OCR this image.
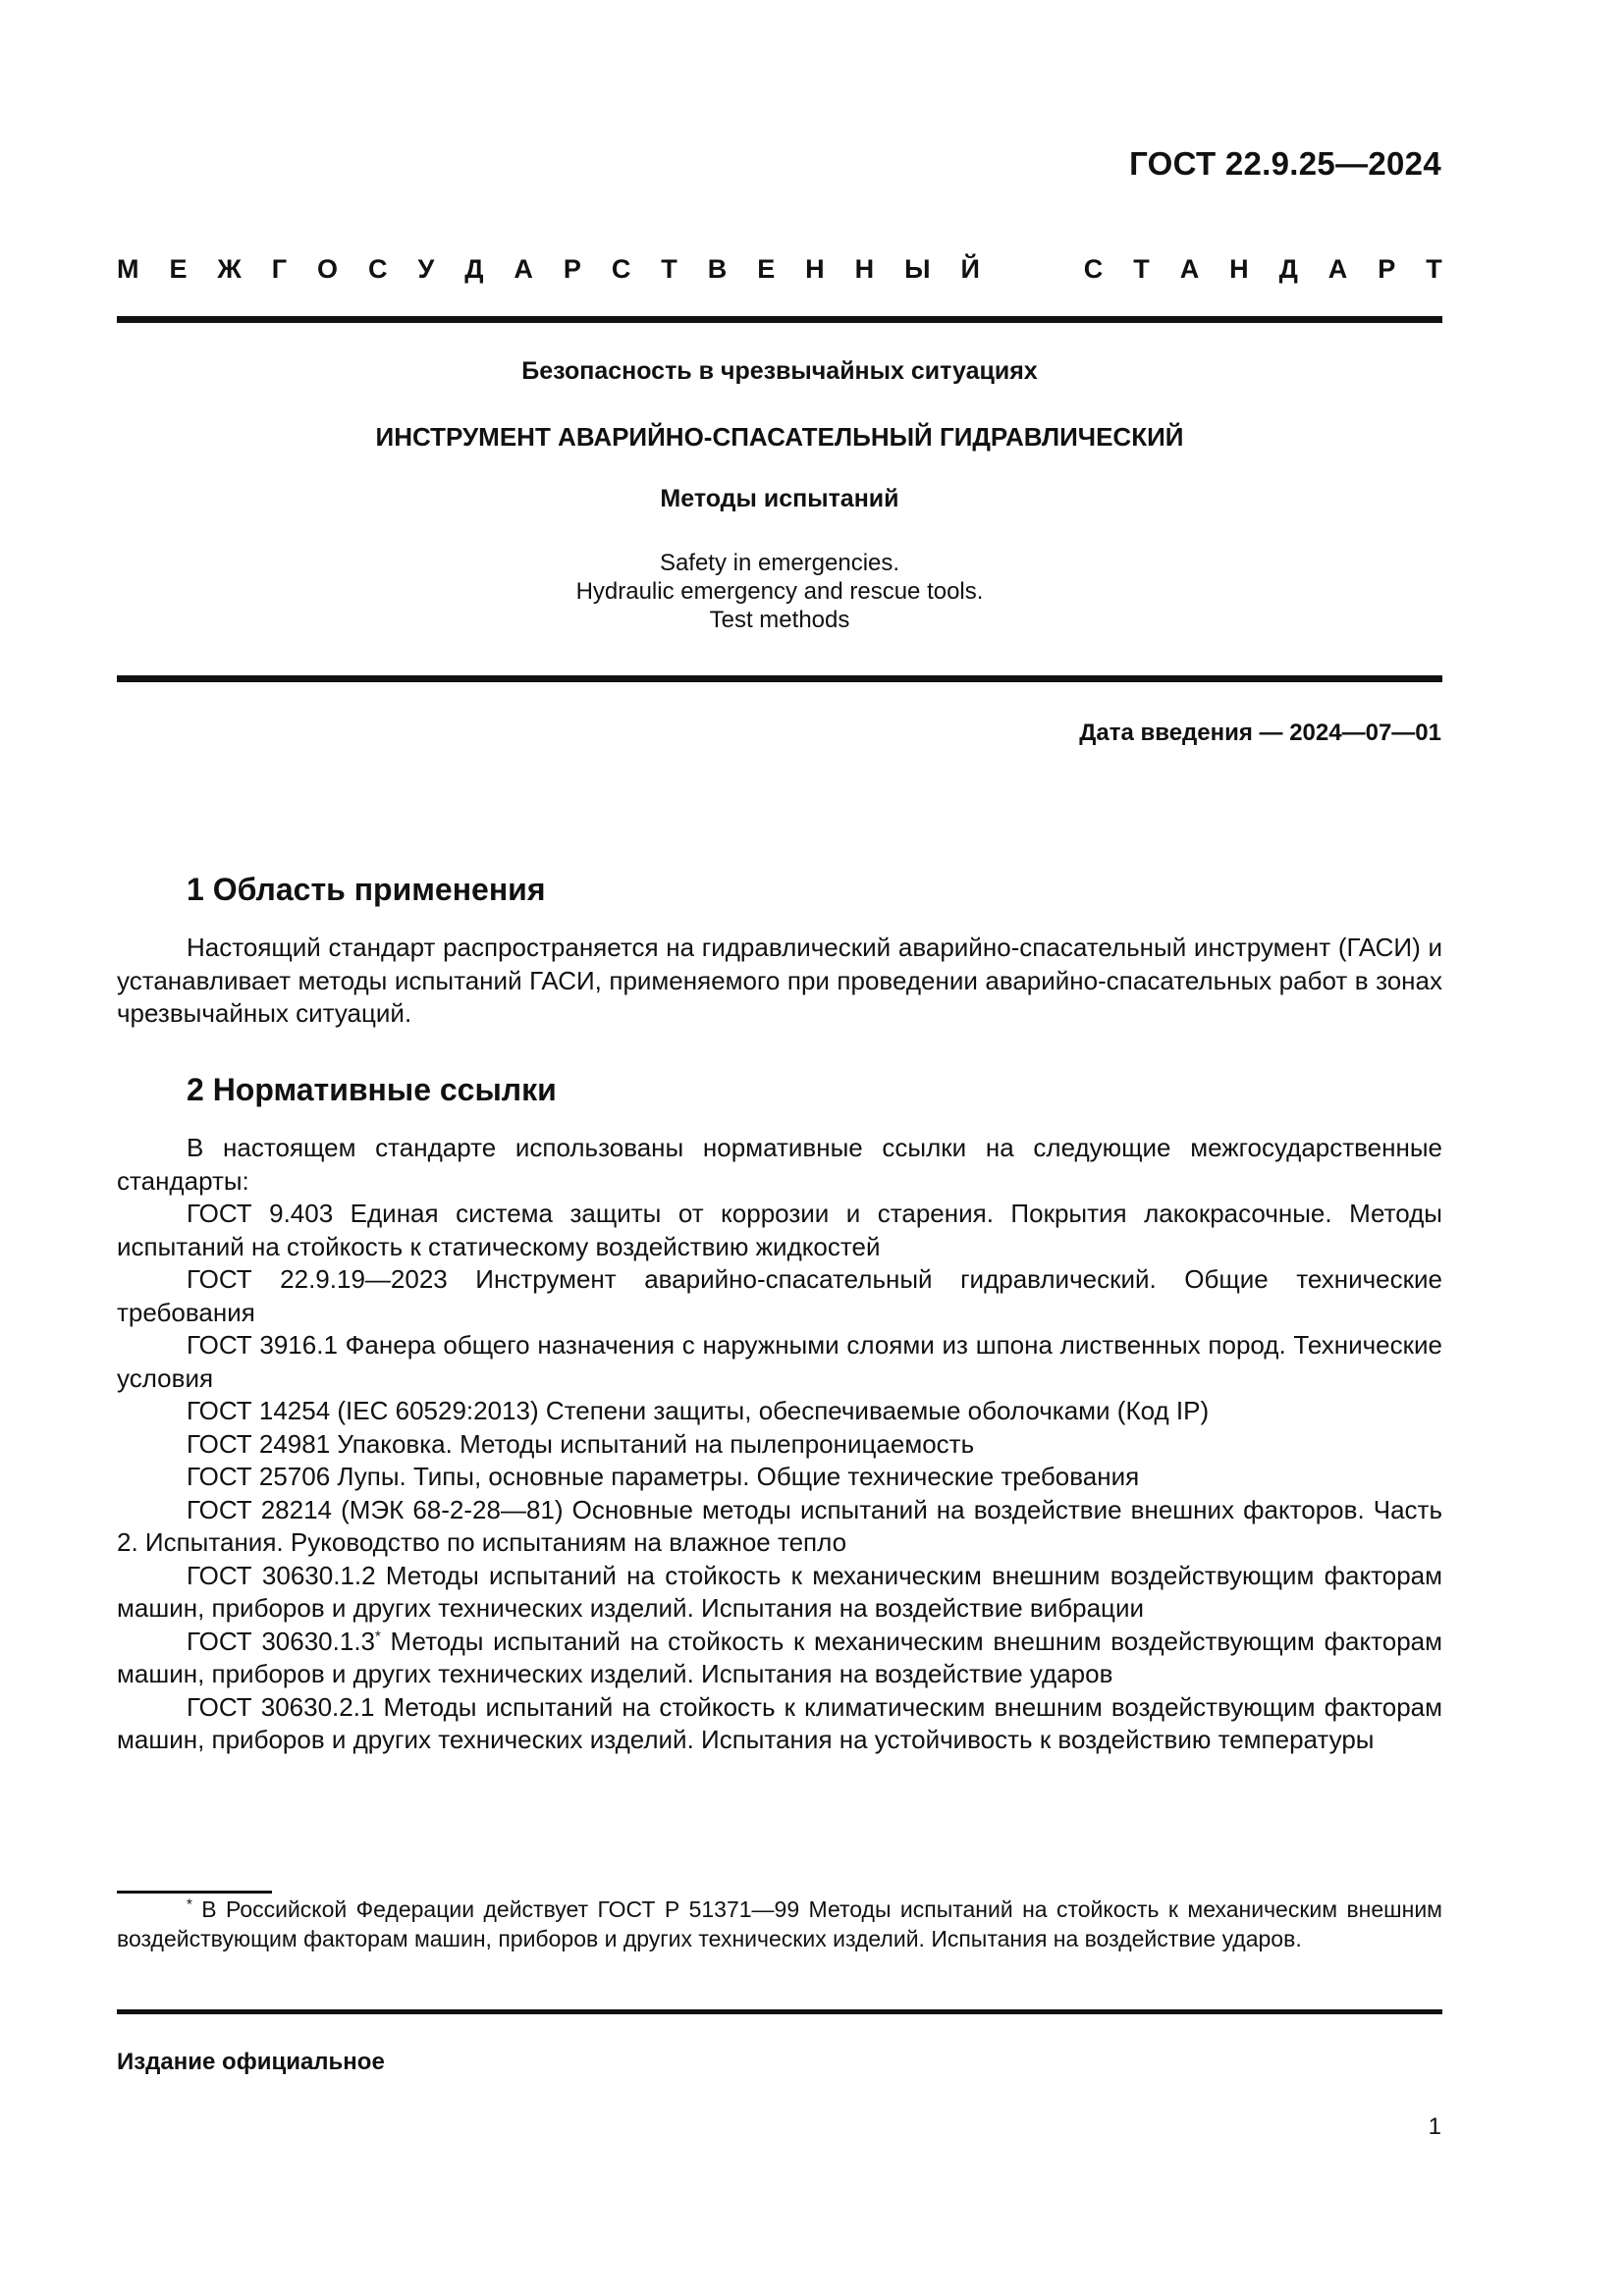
ГОСТ 22.9.25—2024
М Е Ж Г О С У Д А Р С Т В Е Н Н Ы Й	С Т А Н Д А Р Т
Безопасность в чрезвычайных ситуациях
ИНСТРУМЕНТ АВАРИЙНО-СПАСАТЕЛЬНЫЙ ГИДРАВЛИЧЕСКИЙ
Методы испытаний
Safety in emergencies.
Hydraulic emergency and rescue tools.
Test methods
Дата введения — 2024—07—01
1 Область применения

Настоящий стандарт распространяется на гидравлический аварийно-спасательный инструмент (ГАСИ) и устанавливает методы испытаний ГАСИ, применяемого при проведении аварийно-спасательных работ в зонах чрезвычайных ситуаций.

2 Нормативные ссылки

В настоящем стандарте использованы нормативные ссылки на следующие межгосударственные стандарты:

ГОСТ 9.403 Единая система защиты от коррозии и старения. Покрытия лакокрасочные. Методы испытаний на стойкость к статическому воздействию жидкостей

ГОСТ 22.9.19—2023 Инструмент аварийно-спасательный гидравлический. Общие технические требования

ГОСТ 3916.1 Фанера общего назначения с наружными слоями из шпона лиственных пород. Технические условия

ГОСТ 14254 (IEC 60529:2013) Степени защиты, обеспечиваемые оболочками (Код IP)

ГОСТ 24981 Упаковка. Методы испытаний на пылепроницаемость

ГОСТ 25706 Лупы. Типы, основные параметры. Общие технические требования

ГОСТ 28214 (МЭК 68-2-28—81) Основные методы испытаний на воздействие внешних факторов. Часть 2. Испытания. Руководство по испытаниям на влажное тепло

ГОСТ 30630.1.2 Методы испытаний на стойкость к механическим внешним воздействующим факторам машин, приборов и других технических изделий. Испытания на воздействие вибрации

ГОСТ 30630.1.3* Методы испытаний на стойкость к механическим внешним воздействующим факторам машин, приборов и других технических изделий. Испытания на воздействие ударов

ГОСТ 30630.2.1 Методы испытаний на стойкость к климатическим внешним воздействующим факторам машин, приборов и других технических изделий. Испытания на устойчивость к воздействию температуры

* В Российской Федерации действует ГОСТ Р 51371—99 Методы испытаний на стойкость к механическим внешним воздействующим факторам машин, приборов и других технических изделий. Испытания на воздействие ударов.

Издание официальное
1
